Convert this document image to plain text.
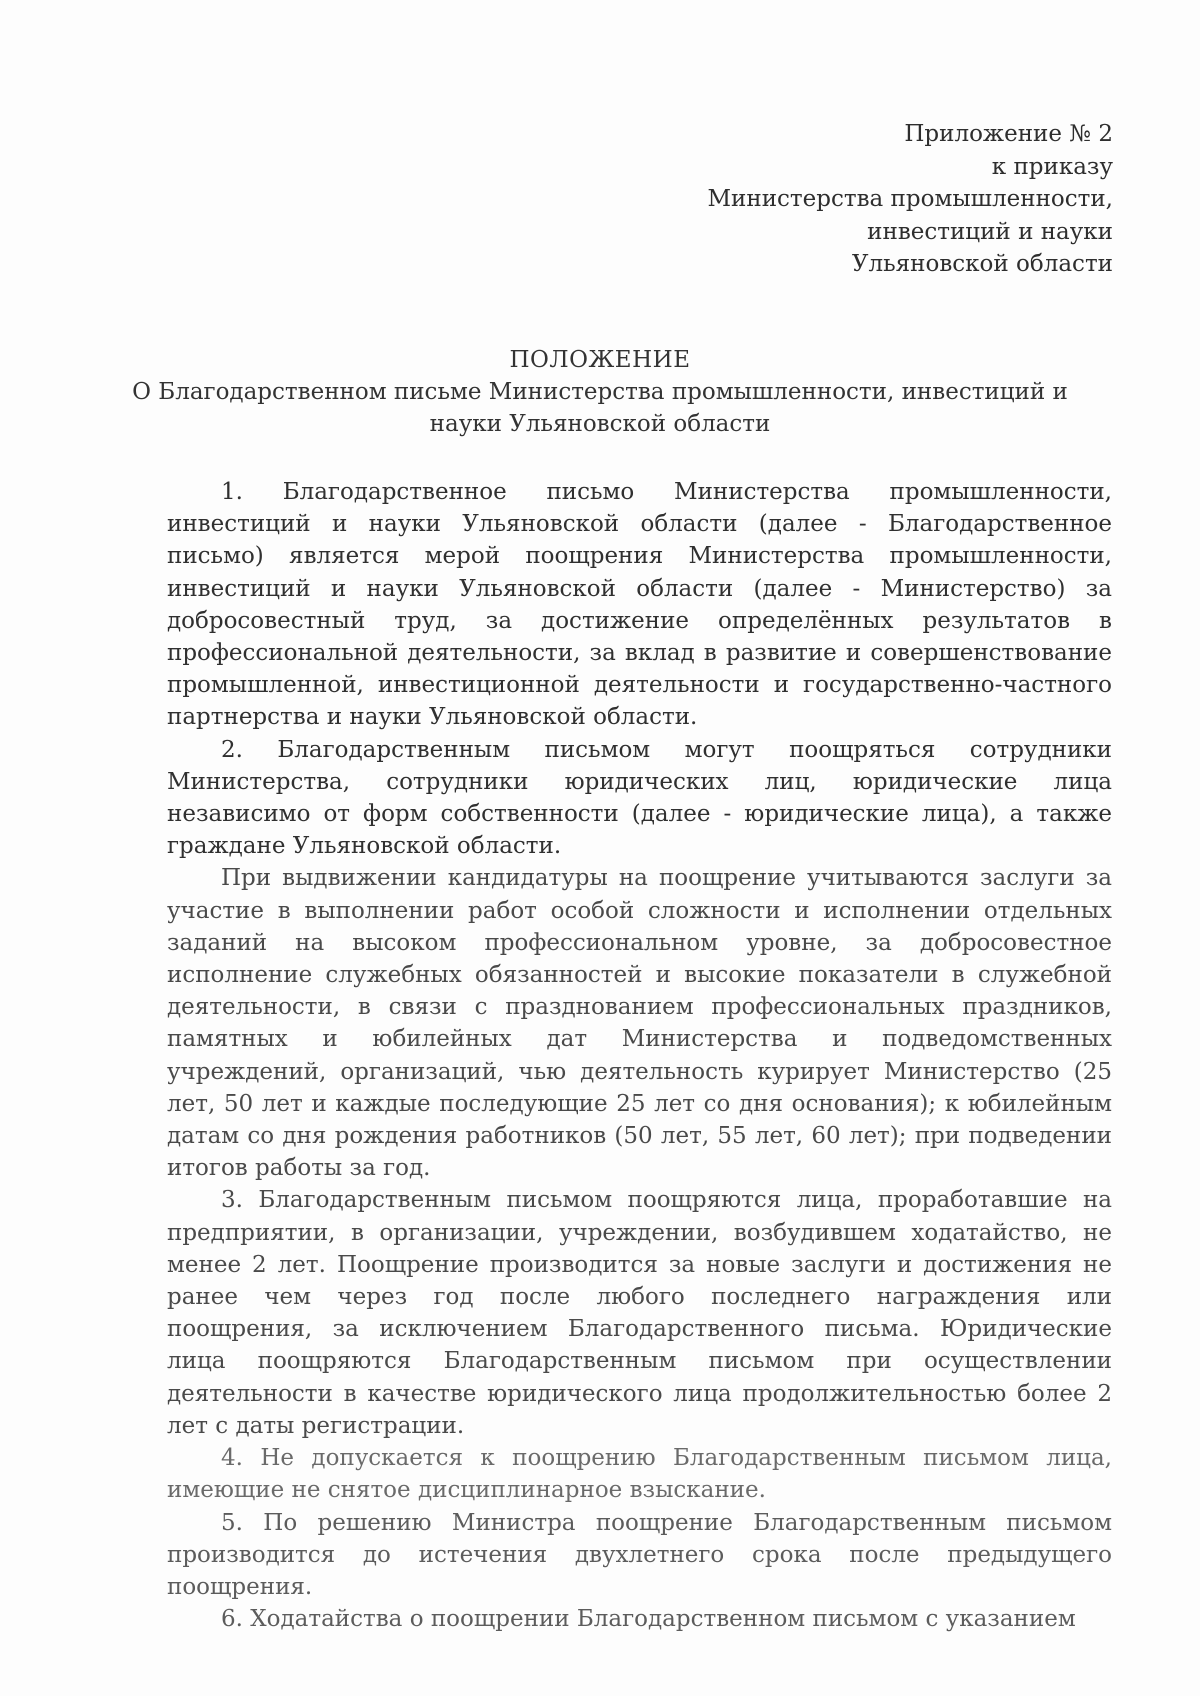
Приложение № 2
к приказу
Министерства промышленности,
инвестиций и науки
Ульяновской области
ПОЛОЖЕНИЕ
О Благодарственном письме Министерства промышленности, инвестиций и науки Ульяновской области

1. Благодарственное письмо Министерства промышленности, инвестиций и науки Ульяновской области (далее - Благодарственное письмо) является мерой поощрения Министерства промышленности, инвестиций и науки Ульяновской области (далее - Министерство) за добросовестный труд, за достижение определённых результатов в профессиональной деятельности, за вклад в развитие и совершенствование промышленной, инвестиционной деятельности и государственно-частного партнерства и науки Ульяновской области.

2. Благодарственным письмом могут поощряться сотрудники Министерства, сотрудники юридических лиц, юридические лица независимо от форм собственности (далее - юридические лица), а также граждане Ульяновской области.

При выдвижении кандидатуры на поощрение учитываются заслуги за участие в выполнении работ особой сложности и исполнении отдельных заданий на высоком профессиональном уровне, за добросовестное исполнение служебных обязанностей и высокие показатели в служебной деятельности, в связи с празднованием профессиональных праздников, памятных и юбилейных дат Министерства и подведомственных учреждений, организаций, чью деятельность курирует Министерство (25 лет, 50 лет и каждые последующие 25 лет со дня основания); к юбилейным датам со дня рождения работников (50 лет, 55 лет, 60 лет); при подведении итогов работы за год.

3. Благодарственным письмом поощряются лица, проработавшие на предприятии, в организации, учреждении, возбудившем ходатайство, не менее 2 лет. Поощрение производится за новые заслуги и достижения не ранее чем через год после любого последнего награждения или поощрения, за исключением Благодарственного письма. Юридические лица поощряются Благодарственным письмом при осуществлении деятельности в качестве юридического лица продолжительностью более 2 лет с даты регистрации.

4. Не допускается к поощрению Благодарственным письмом лица, имеющие не снятое дисциплинарное взыскание.

5. По решению Министра поощрение Благодарственным письмом производится до истечения двухлетнего срока после предыдущего поощрения.

6. Ходатайства о поощрении Благодарственном письмом с указанием
